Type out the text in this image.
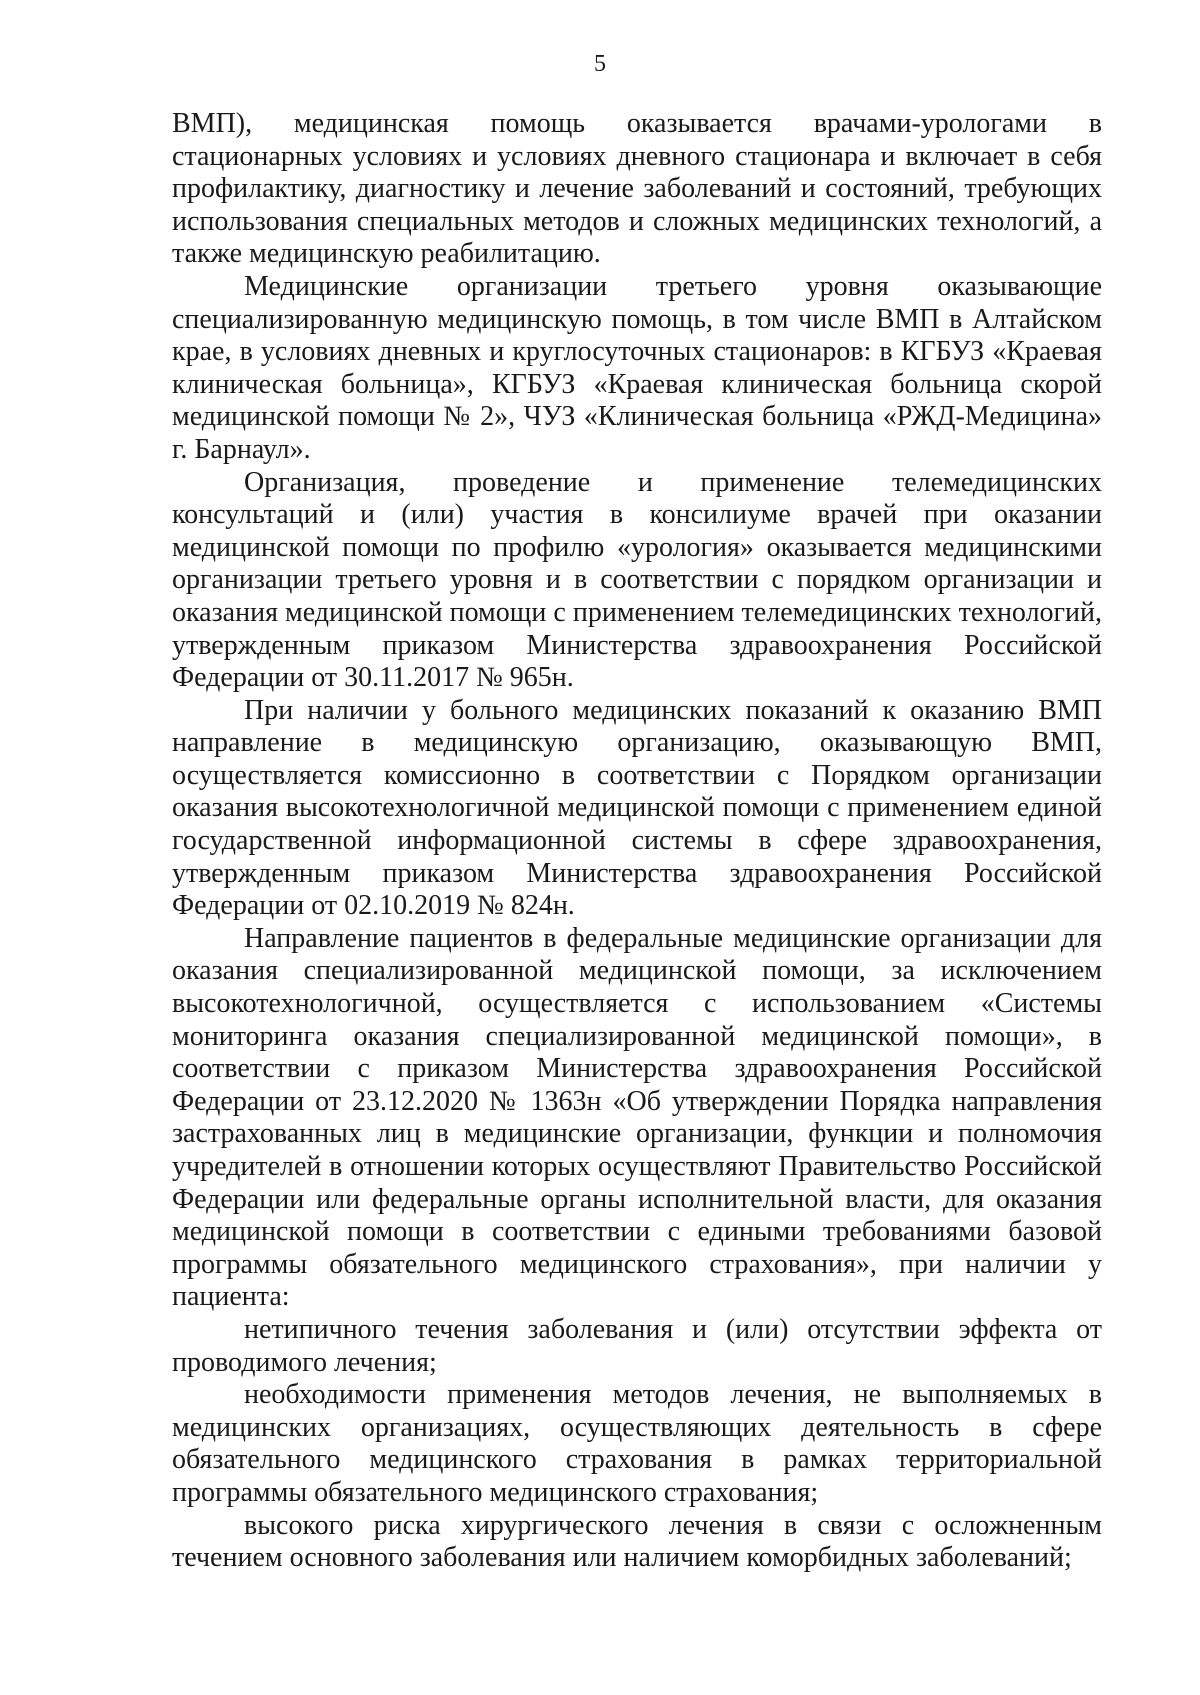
5

ВМП), медицинская помощь оказывается врачами-урологами в стационарных условиях и условиях дневного стационара и включает в себя профилактику, диагностику и лечение заболеваний и состояний, требующих использования специальных методов и сложных медицинских технологий, а также медицинскую реабилитацию.

Медицинские организации третьего уровня оказывающие специализированную медицинскую помощь, в том числе ВМП в Алтайском крае, в условиях дневных и круглосуточных стационаров: в КГБУЗ «Краевая клиническая больница», КГБУЗ «Краевая клиническая больница скорой медицинской помощи № 2», ЧУЗ «Клиническая больница «РЖД-Медицина» г. Барнаул».

Организация, проведение и применение телемедицинских консультаций и (или) участия в консилиуме врачей при оказании медицинской помощи по профилю «урология» оказывается медицинскими организации третьего уровня и в соответствии с порядком организации и оказания медицинской помощи с применением телемедицинских технологий, утвержденным приказом Министерства здравоохранения Российской Федерации от 30.11.2017 № 965н.

При наличии у больного медицинских показаний к оказанию ВМП направление в медицинскую организацию, оказывающую ВМП, осуществляется комиссионно в соответствии с Порядком организации оказания высокотехнологичной медицинской помощи с применением единой государственной информационной системы в сфере здравоохранения, утвержденным приказом Министерства здравоохранения Российской Федерации от 02.10.2019 № 824н.

Направление пациентов в федеральные медицинские организации для оказания специализированной медицинской помощи, за исключением высокотехнологичной, осуществляется с использованием «Системы мониторинга оказания специализированной медицинской помощи», в соответствии с приказом Министерства здравоохранения Российской Федерации от 23.12.2020 № 1363н «Об утверждении Порядка направления застрахованных лиц в медицинские организации, функции и полномочия учредителей в отношении которых осуществляют Правительство Российской Федерации или федеральные органы исполнительной власти, для оказания медицинской помощи в соответствии с едиными требованиями базовой программы обязательного медицинского страхования», при наличии у пациента:

нетипичного течения заболевания и (или) отсутствии эффекта от проводимого лечения;

необходимости применения методов лечения, не выполняемых в медицинских организациях, осуществляющих деятельность в сфере обязательного медицинского страхования в рамках территориальной программы обязательного медицинского страхования;

высокого риска хирургического лечения в связи с осложненным течением основного заболевания или наличием коморбидных заболеваний;
